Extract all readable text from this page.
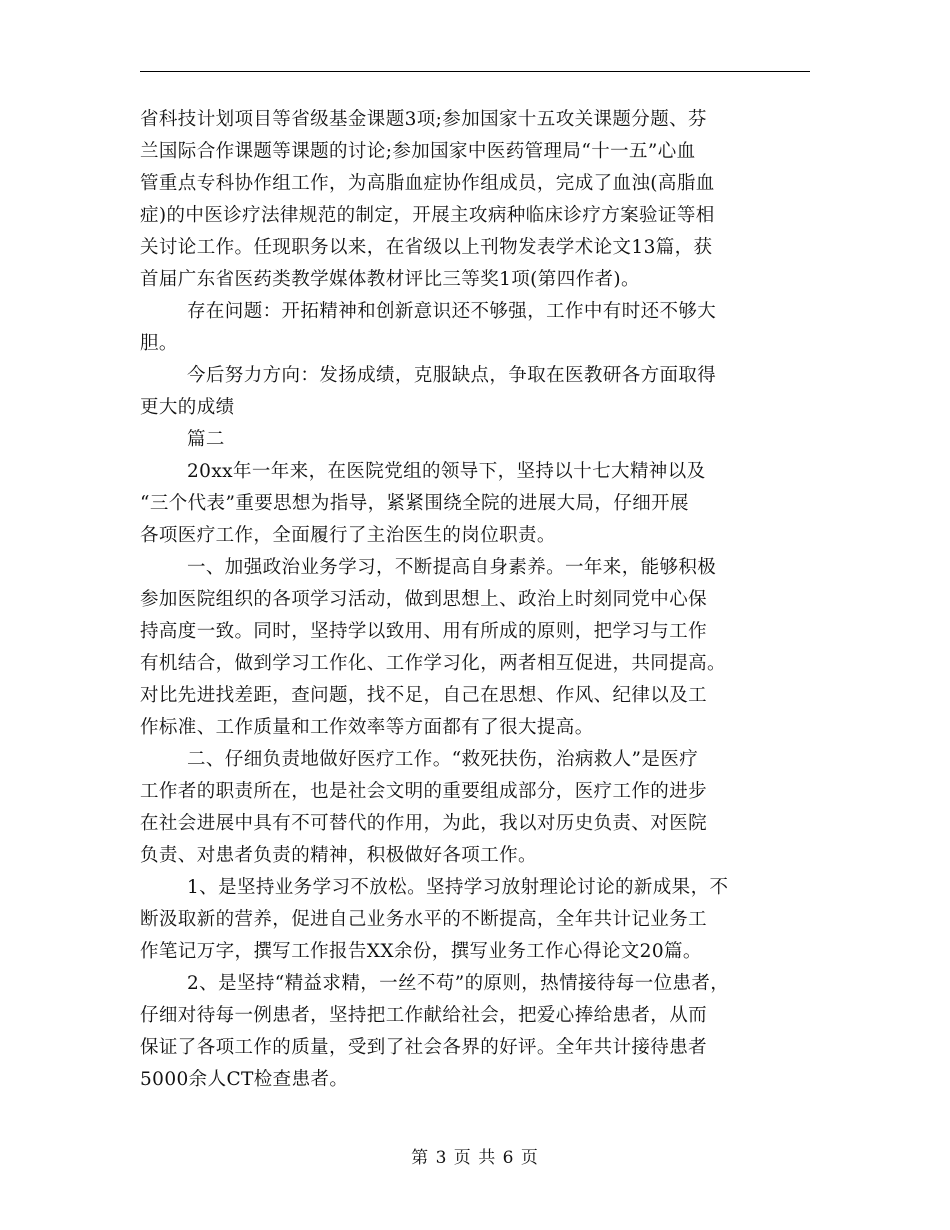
省科技计划项目等省级基金课题3项;参加国家十五攻关课题分题、芬
兰国际合作课题等课题的讨论;参加国家中医药管理局“十一五”心血
管重点专科协作组工作，为高脂血症协作组成员，完成了血浊(高脂血
症)的中医诊疗法律规范的制定，开展主攻病种临床诊疗方案验证等相
关讨论工作。任现职务以来，在省级以上刊物发表学术论文13篇，获
首届广东省医药类教学媒体教材评比三等奖1项(第四作者)。
存在问题：开拓精神和创新意识还不够强，工作中有时还不够大
胆。
今后努力方向：发扬成绩，克服缺点，争取在医教研各方面取得
更大的成绩
篇二
20xx年一年来，在医院党组的领导下，坚持以十七大精神以及
“三个代表”重要思想为指导，紧紧围绕全院的进展大局，仔细开展
各项医疗工作，全面履行了主治医生的岗位职责。
一、加强政治业务学习，不断提高自身素养。一年来，能够积极
参加医院组织的各项学习活动，做到思想上、政治上时刻同党中心保
持高度一致。同时，坚持学以致用、用有所成的原则，把学习与工作
有机结合，做到学习工作化、工作学习化，两者相互促进，共同提高。
对比先进找差距，查问题，找不足，自己在思想、作风、纪律以及工
作标准、工作质量和工作效率等方面都有了很大提高。
二、仔细负责地做好医疗工作。“救死扶伤，治病救人”是医疗
工作者的职责所在，也是社会文明的重要组成部分，医疗工作的进步
在社会进展中具有不可替代的作用，为此，我以对历史负责、对医院
负责、对患者负责的精神，积极做好各项工作。
1、是坚持业务学习不放松。坚持学习放射理论讨论的新成果，不
断汲取新的营养，促进自己业务水平的不断提高，全年共计记业务工
作笔记万字，撰写工作报告XX余份，撰写业务工作心得论文20篇。
2、是坚持“精益求精，一丝不苟”的原则，热情接待每一位患者，
仔细对待每一例患者，坚持把工作献给社会，把爱心捧给患者，从而
保证了各项工作的质量，受到了社会各界的好评。全年共计接待患者
5000余人CT检查患者。
第 3 页 共 6 页
